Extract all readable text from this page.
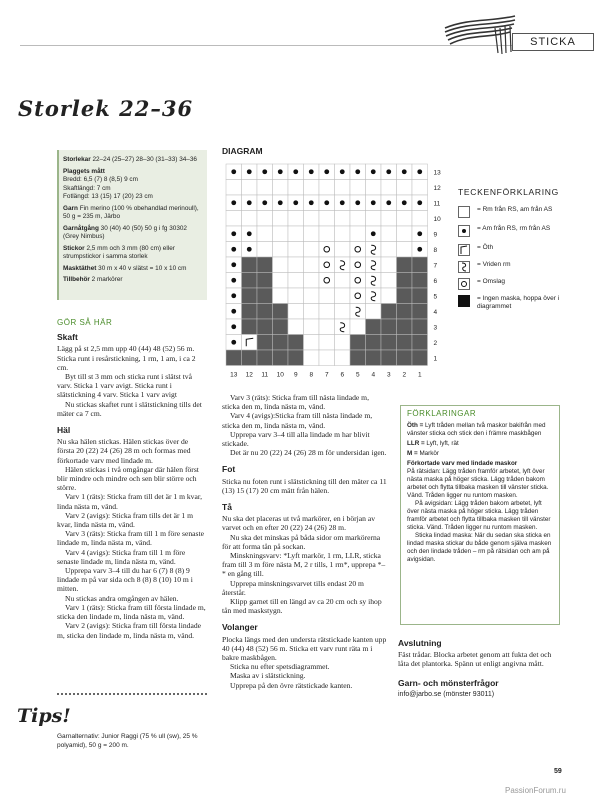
STICKA
Storlek 22–36
Storlekar 22–24 (25–27) 28–30 (31–33) 34–36
Plaggets mått
Bredd: 6,5 (7) 8 (8,5) 9 cm
Skaftlängd: 7 cm
Fotlängd: 13 (15) 17 (20) 23 cm
Garn Fin merino (100 % obehandlad merinoull), 50 g = 235 m, Järbo
Garnåtgång 30 (40) 40 (50) 50 g i fg 30302 (Grey Nimbus)
Stickor 2,5 mm och 3 mm (80 cm) eller strumpstickor i samma storlek
Masktäthet 30 m x 40 v slätst = 10 x 10 cm
Tillbehör 2 markörer
GÖR SÅ HÄR
Skaft

Lägg på st 2,5 mm upp 40 (44) 48 (52) 56 m. Sticka runt i resårstickning, 1 rm, 1 am, i ca 2 cm.

Byt till st 3 mm och sticka runt i slätst två varv. Sticka 1 varv avigt. Sticka runt i slätstickning 4 varv. Sticka 1 varv avigt

Nu stickas skaftet runt i slätstickning tills det mäter ca 7 cm.

Häl

Nu ska hälen stickas. Hälen stickas över de första 20 (22) 24 (26) 28 m och formas med förkortade varv med lindade m.

Hälen stickas i två omgångar där hälen först blir mindre och mindre och sen blir större och större.

Varv 1 (räts): Sticka fram till det är 1 m kvar, linda nästa m, vänd.

Varv 2 (avigs): Sticka fram tills det är 1 m kvar, linda nästa m, vänd.

Varv 3 (räts): Sticka fram till 1 m före senaste lindade m, linda nästa m, vänd.

Varv 4 (avigs): Sticka fram till 1 m före senaste lindade m, linda nästa m, vänd.

Upprepa varv 3–4 till du har 6 (7) 8 (8) 9 lindade m på var sida och 8 (8) 8 (10) 10 m i mitten.

Nu stickas andra omgången av hälen.

Varv 1 (räts): Sticka fram till första lindade m, sticka den lindade m, linda nästa m, vänd.

Varv 2 (avigs): Sticka fram till första lindade m, sticka den lindade m, linda nästa m, vänd.

Tips!
Garnalternativ: Junior Raggi (75 % ull (sw), 25 % polyamid), 50 g = 200 m.

Varv 3 (räts): Sticka fram till nästa lindade m, sticka den m, linda nästa m, vänd.

Varv 4 (avigs):Sticka fram till nästa lindade m, sticka den m, linda nästa m, vänd.

Upprepa varv 3–4 till alla lindade m har blivit stickade.

Det är nu 20 (22) 24 (26) 28 m för undersidan igen.

Fot

Sticka nu foten runt i slätstickning till den mäter ca 11 (13) 15 (17) 20 cm mätt från hälen.

Tå

Nu ska det placeras ut två markörer, en i början av varvet och en efter 20 (22) 24 (26) 28 m.

Nu ska det minskas på båda sidor om markörerna för att forma tån på sockan.

Minskningsvarv: *Lyft markör, 1 rm, LLR, sticka fram till 3 m före nästa M, 2 r tills, 1 rm*, upprepa *–* en gång till.

Upprepa minskningsvarvet tills endast 20 m återstår.

Klipp garnet till en längd av ca 20 cm och sy ihop tån med maskstygn.

Volanger

Plocka längs med den understa rätstickade kanten upp 40 (44) 48 (52) 56 m. Sticka ett varv runt räta m i bakre maskbågen.

Sticka nu efter spetsdiagrammet.

Maska av i slätstickning.

Upprepa på den övre rätstickade kanten.

DIAGRAM
13
12
11
10
9
8
7
6
5
4
3
2
1
13 12 11 10 9 8 7 6 5 4 3 2 1
TECKENFÖRKLARING
= Rm från RS, am från AS
= Am från RS, rm från AS
= Öth
= Vriden rm
= Omslag
= Ingen maska, hoppa över i diagrammet
FÖRKLARINGAR

Öth = Lyft tråden mellan två maskor bakifrån med vänster sticka och stick den i främre maskbågen

LLR = Lyft, lyft, rät

M = Markör

Förkortade varv med lindade maskor

På rätsidan: Lägg tråden framför arbetet, lyft över nästa maska på höger sticka. Lägg tråden bakom arbetet och flytta tillbaka masken till vänster sticka. Vänd. Tråden ligger nu runtom masken.

På avigsidan: Lägg tråden bakom arbetet, lyft över nästa maska på höger sticka. Lägg tråden framför arbetet och flytta tillbaka masken till vänster sticka. Vänd. Tråden ligger nu runtom masken.

Sticka lindad maska: När du sedan ska sticka en lindad maska stickar du både genom själva masken och den lindade tråden – rm på rätsidan och am på avigsidan.

Avslutning

Fäst trådar. Blocka arbetet genom att fukta det och låta det plantorka. Spänn ut enligt angivna mått.

Garn- och mönsterfrågor

info@jarbo.se (mönster 93011)

59
PassionForum.ru
